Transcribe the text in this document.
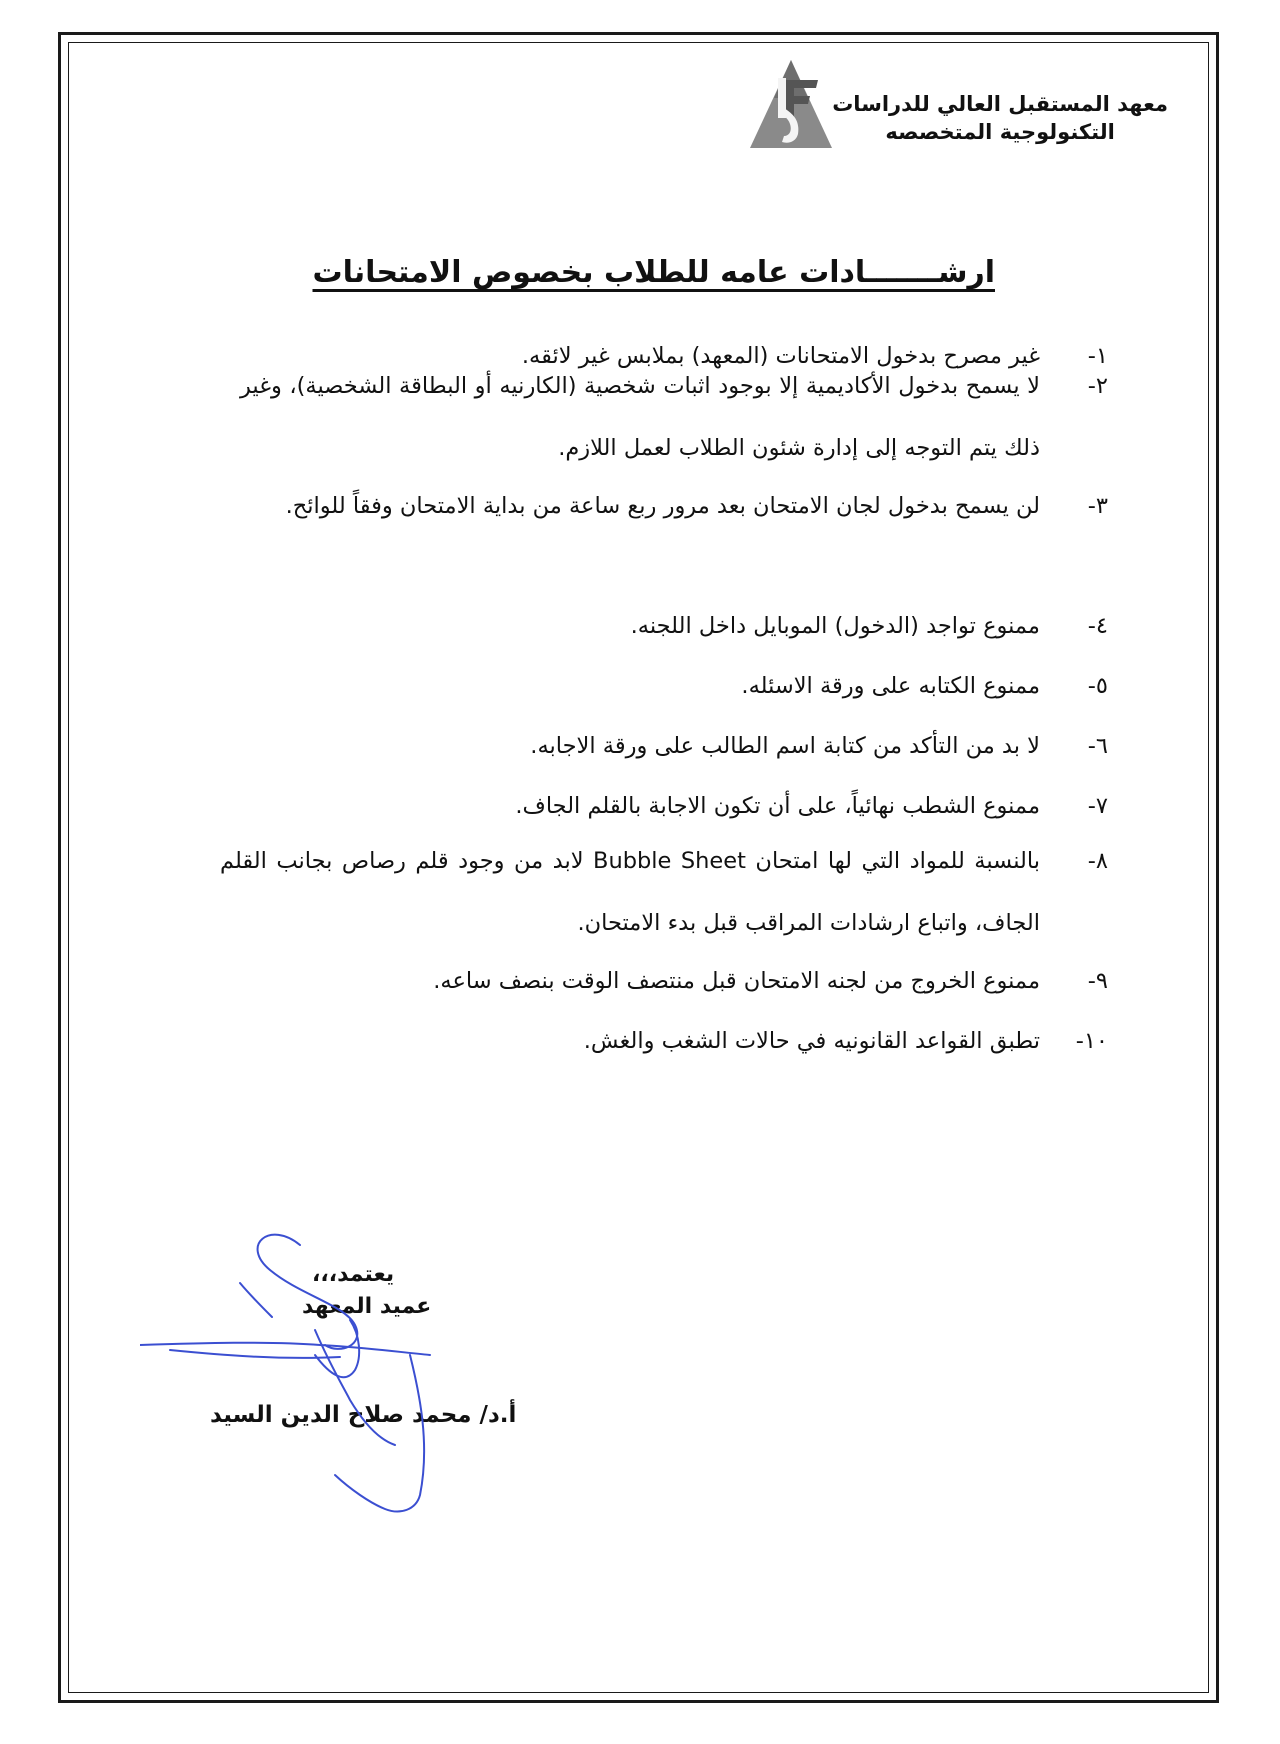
معهد المستقبل العالي للدراسات
التكنولوجية المتخصصه
ارشـــــــادات عامه للطلاب بخصوص الامتحانات
١-
غير مصرح بدخول الامتحانات (المعهد) بملابس غير لائقه.
٢-
لا يسمح بدخول الأكاديمية إلا بوجود اثبات شخصية (الكارنيه أو البطاقة الشخصية)، وغير ذلك يتم التوجه إلى إدارة شئون الطلاب لعمل اللازم.
٣-
لن يسمح بدخول لجان الامتحان بعد مرور ربع ساعة من بداية الامتحان وفقاً للوائح.
٤-
ممنوع تواجد (الدخول) الموبايل داخل اللجنه.
٥-
ممنوع الكتابه على ورقة الاسئله.
٦-
لا بد من التأكد من كتابة اسم الطالب على ورقة الاجابه.
٧-
ممنوع الشطب نهائياً، على أن تكون الاجابة بالقلم الجاف.
٨-
بالنسبة للمواد التي لها امتحان Bubble Sheet لابد من وجود قلم رصاص بجانب القلم الجاف، واتباع ارشادات المراقب قبل بدء الامتحان.
٩-
ممنوع الخروج من لجنه الامتحان قبل منتصف الوقت بنصف ساعه.
١٠-
تطبق القواعد القانونيه في حالات الشغب والغش.
يعتمد،،،
عميد المعهد
أ.د/ محمد صلاح الدين السيد
